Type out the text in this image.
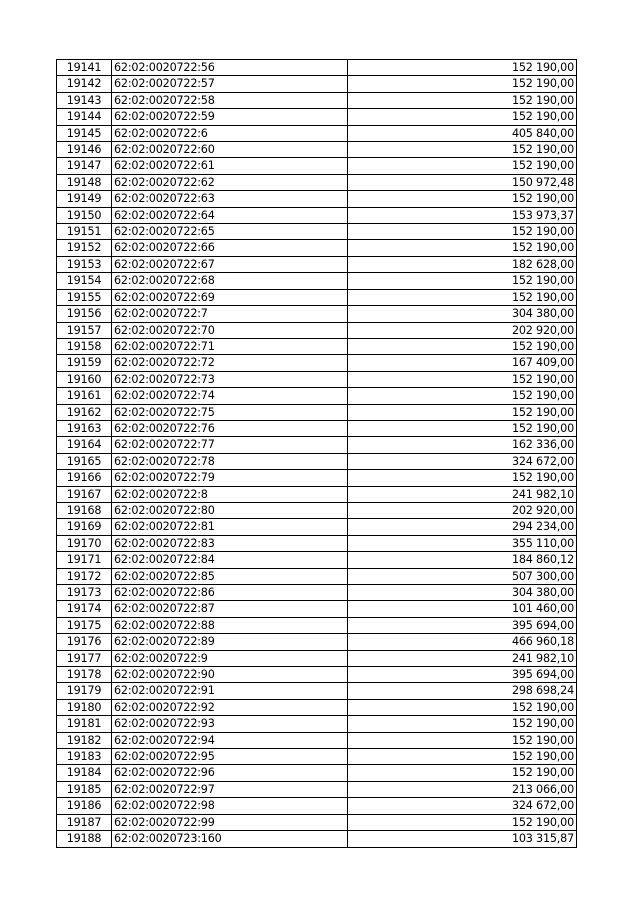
19141	62:02:0020722:56	152 190,00
19142	62:02:0020722:57	152 190,00
19143	62:02:0020722:58	152 190,00
19144	62:02:0020722:59	152 190,00
19145	62:02:0020722:6	405 840,00
19146	62:02:0020722:60	152 190,00
19147	62:02:0020722:61	152 190,00
19148	62:02:0020722:62	150 972,48
19149	62:02:0020722:63	152 190,00
19150	62:02:0020722:64	153 973,37
19151	62:02:0020722:65	152 190,00
19152	62:02:0020722:66	152 190,00
19153	62:02:0020722:67	182 628,00
19154	62:02:0020722:68	152 190,00
19155	62:02:0020722:69	152 190,00
19156	62:02:0020722:7	304 380,00
19157	62:02:0020722:70	202 920,00
19158	62:02:0020722:71	152 190,00
19159	62:02:0020722:72	167 409,00
19160	62:02:0020722:73	152 190,00
19161	62:02:0020722:74	152 190,00
19162	62:02:0020722:75	152 190,00
19163	62:02:0020722:76	152 190,00
19164	62:02:0020722:77	162 336,00
19165	62:02:0020722:78	324 672,00
19166	62:02:0020722:79	152 190,00
19167	62:02:0020722:8	241 982,10
19168	62:02:0020722:80	202 920,00
19169	62:02:0020722:81	294 234,00
19170	62:02:0020722:83	355 110,00
19171	62:02:0020722:84	184 860,12
19172	62:02:0020722:85	507 300,00
19173	62:02:0020722:86	304 380,00
19174	62:02:0020722:87	101 460,00
19175	62:02:0020722:88	395 694,00
19176	62:02:0020722:89	466 960,18
19177	62:02:0020722:9	241 982,10
19178	62:02:0020722:90	395 694,00
19179	62:02:0020722:91	298 698,24
19180	62:02:0020722:92	152 190,00
19181	62:02:0020722:93	152 190,00
19182	62:02:0020722:94	152 190,00
19183	62:02:0020722:95	152 190,00
19184	62:02:0020722:96	152 190,00
19185	62:02:0020722:97	213 066,00
19186	62:02:0020722:98	324 672,00
19187	62:02:0020722:99	152 190,00
19188	62:02:0020723:160	103 315,87
